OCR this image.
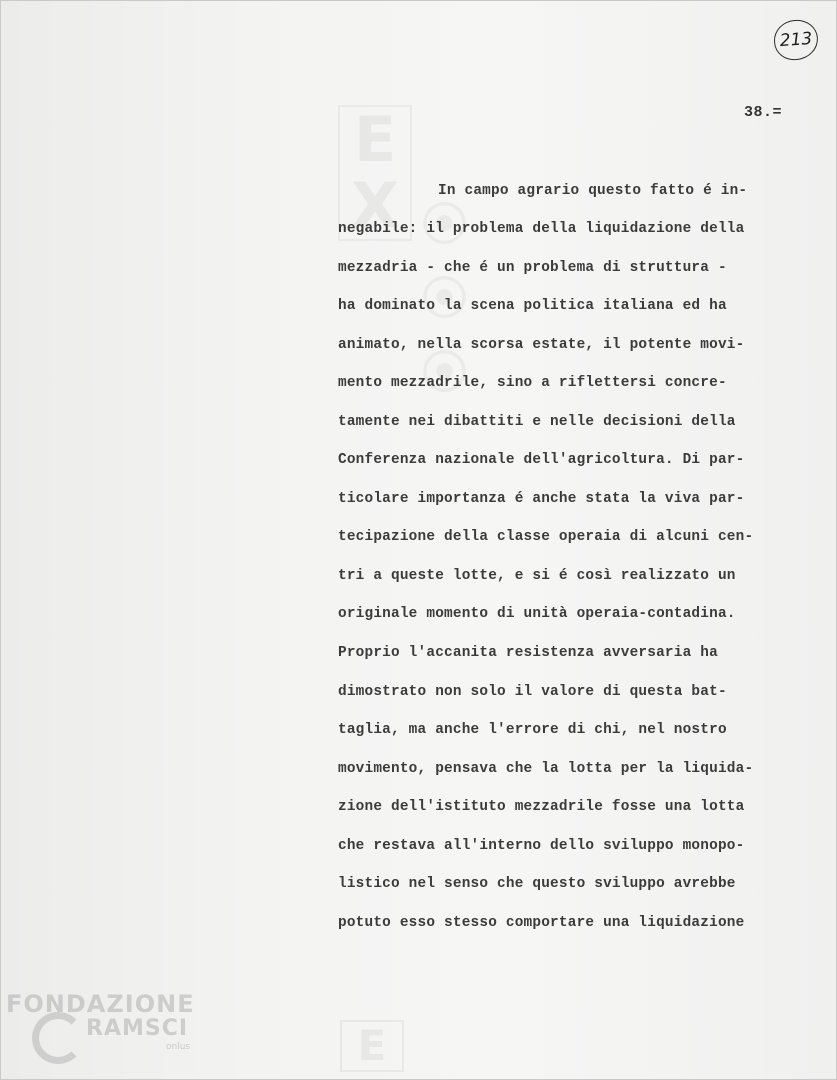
E
X ⦿ ⦿ ⦿
E
213
38.=
In campo agrario questo fatto é in-
negabile: il problema della liquidazione della
mezzadria - che é un problema di struttura -
ha dominato la scena politica italiana ed ha
animato, nella scorsa estate, il potente movi-
mento mezzadrile, sino a riflettersi concre-
tamente nei dibattiti e nelle decisioni della
Conferenza nazionale dell'agricoltura. Di par-
ticolare importanza é anche stata la viva par-
tecipazione della classe operaia di alcuni cen-
tri a queste lotte, e si é così realizzato un
originale momento di unità operaia-contadina.
Proprio l'accanita resistenza avversaria ha
dimostrato non solo il valore di questa bat-
taglia, ma anche l'errore di chi, nel nostro
movimento, pensava che la lotta per la liquida-
zione dell'istituto mezzadrile fosse una lotta
che restava all'interno dello sviluppo monopo-
listico nel senso che questo sviluppo avrebbe
potuto esso stesso comportare una liquidazione
FONDAZIONE
RAMSCI
onlus
